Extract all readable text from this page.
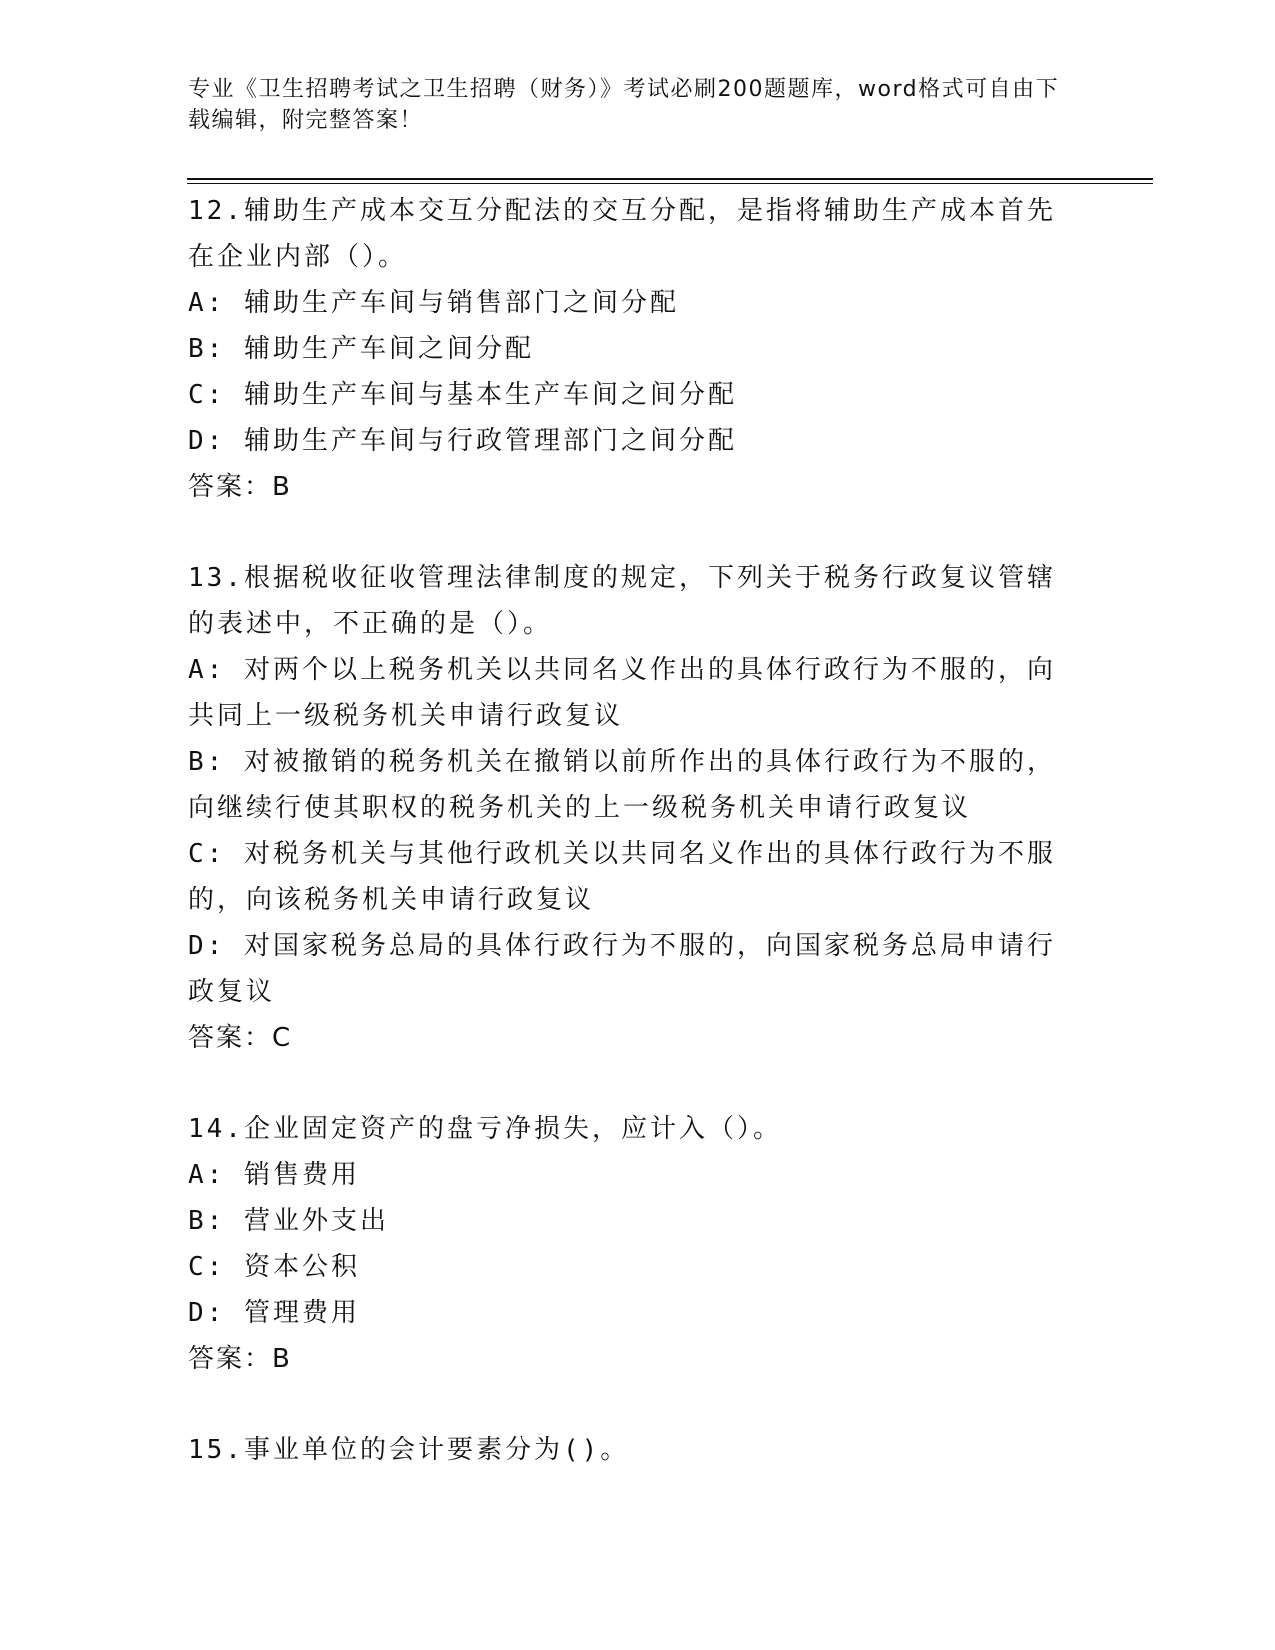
专业《卫生招聘考试之卫生招聘（财务）》考试必刷200题题库，word格式可自由下载编辑，附完整答案！

12.辅助生产成本交互分配法的交互分配，是指将辅助生产成本首先在企业内部（）。

A: 辅助生产车间与销售部门之间分配

B: 辅助生产车间之间分配

C: 辅助生产车间与基本生产车间之间分配

D: 辅助生产车间与行政管理部门之间分配

答案：B

13.根据税收征收管理法律制度的规定，下列关于税务行政复议管辖的表述中，不正确的是（）。

A: 对两个以上税务机关以共同名义作出的具体行政行为不服的，向共同上一级税务机关申请行政复议

B: 对被撤销的税务机关在撤销以前所作出的具体行政行为不服的，向继续行使其职权的税务机关的上一级税务机关申请行政复议

C: 对税务机关与其他行政机关以共同名义作出的具体行政行为不服的，向该税务机关申请行政复议

D: 对国家税务总局的具体行政行为不服的，向国家税务总局申请行政复议

答案：C

14.企业固定资产的盘亏净损失，应计入（）。

A: 销售费用

B: 营业外支出

C: 资本公积

D: 管理费用

答案：B

15.事业单位的会计要素分为()。
